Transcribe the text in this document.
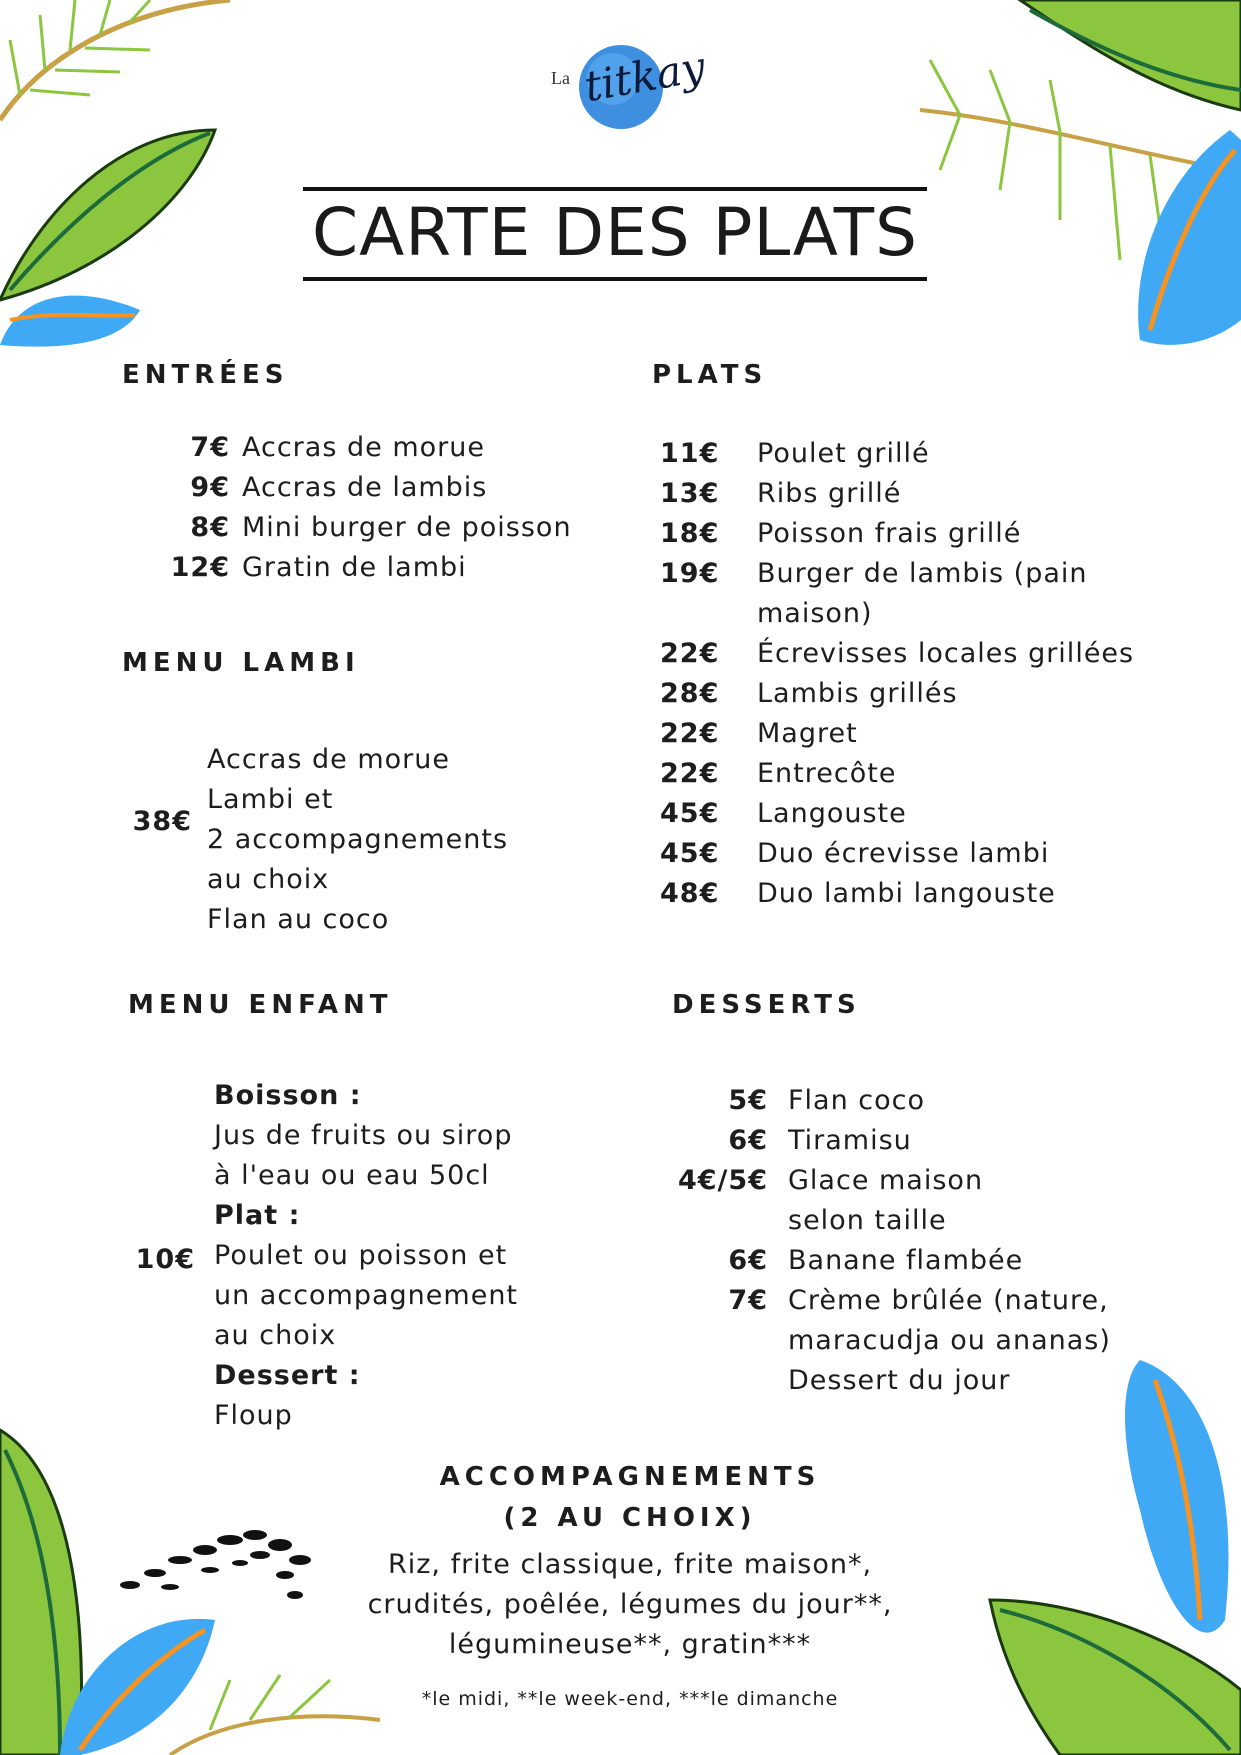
La titkay
CARTE DES PLATS
ENTRÉES
7€ Accras de morue
9€ Accras de lambis
8€ Mini burger de poisson
12€ Gratin de lambi
MENU LAMBI
38€
Accras de morue
Lambi et
2 accompagnements
au choix
Flan au coco
PLATS
11€	Poulet grillé
13€	Ribs grillé
18€	Poisson frais grillé
19€	Burger de lambis (pain
maison)
22€	Écrevisses locales grillées
28€	Lambis grillés
22€	Magret
22€	Entrecôte
45€	Langouste
45€	Duo écrevisse lambi
48€	Duo lambi langouste
MENU ENFANT
10€
Boisson :
Jus de fruits ou sirop
à l'eau ou eau 50cl
Plat :
Poulet ou poisson et
un accompagnement
au choix
Dessert :
Floup
DESSERTS
5€ Flan coco
6€ Tiramisu
4€/5€ Glace maison
selon taille
6€ Banane flambée
7€ Crème brûlée (nature,
maracudja ou ananas)
Dessert du jour
ACCOMPAGNEMENTS
(2 AU CHOIX)
Riz, frite classique, frite maison*,
crudités, poêlée, légumes du jour**,
légumineuse**, gratin***
*le midi, **le week-end, ***le dimanche
